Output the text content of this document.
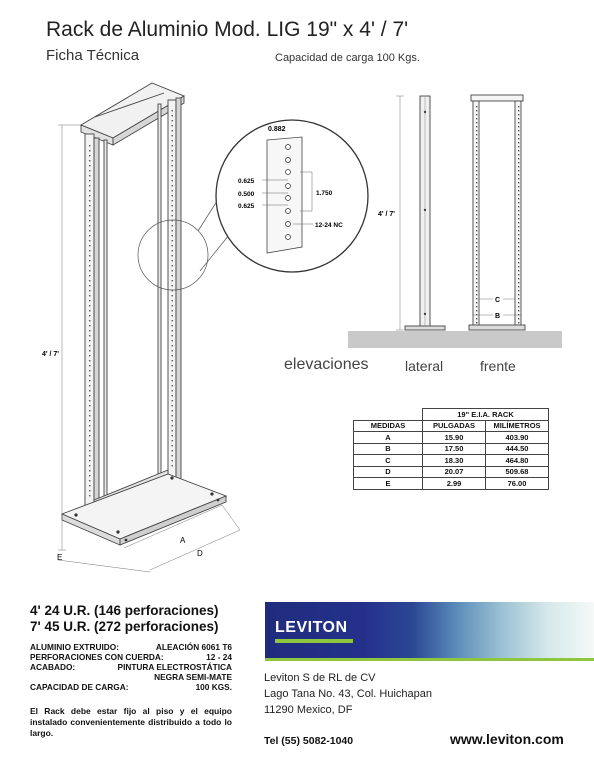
Rack de Aluminio Mod. LIG 19" x 4' / 7'
Ficha Técnica	Capacidad de carga 100 Kgs.
4' / 7'
A
D
E
0.882
0.625
0.500
0.625
1.750
12-24 NC
4' / 7'
C
B
elevaciones	lateral	frente
	19" E.I.A. RACK	
MEDIDAS	PULGADAS	MILÍMETROS
A	15.90	403.90
B	17.50	444.50
C	18.30	464.80
D	20.07	509.68
E	2.99	76.00
4' 24 U.R. (146 perforaciones)
7' 45 U.R. (272 perforaciones)
ALUMINIO EXTRUIDO:	ALEACIÓN 6061 T6
PERFORACIONES CON CUERDA:	12 - 24
ACABADO:	PINTURA ELECTROSTÁTICA
NEGRA SEMI-MATE
CAPACIDAD DE CARGA:	100 KGS.
El Rack debe estar fijo al piso y el equipo instalado convenientemente distribuido a todo lo largo.
LEVITON
Leviton S de RL de CV
Lago Tana No. 43, Col. Huichapan
11290 Mexico, DF
Tel (55) 5082-1040	www.leviton.com
